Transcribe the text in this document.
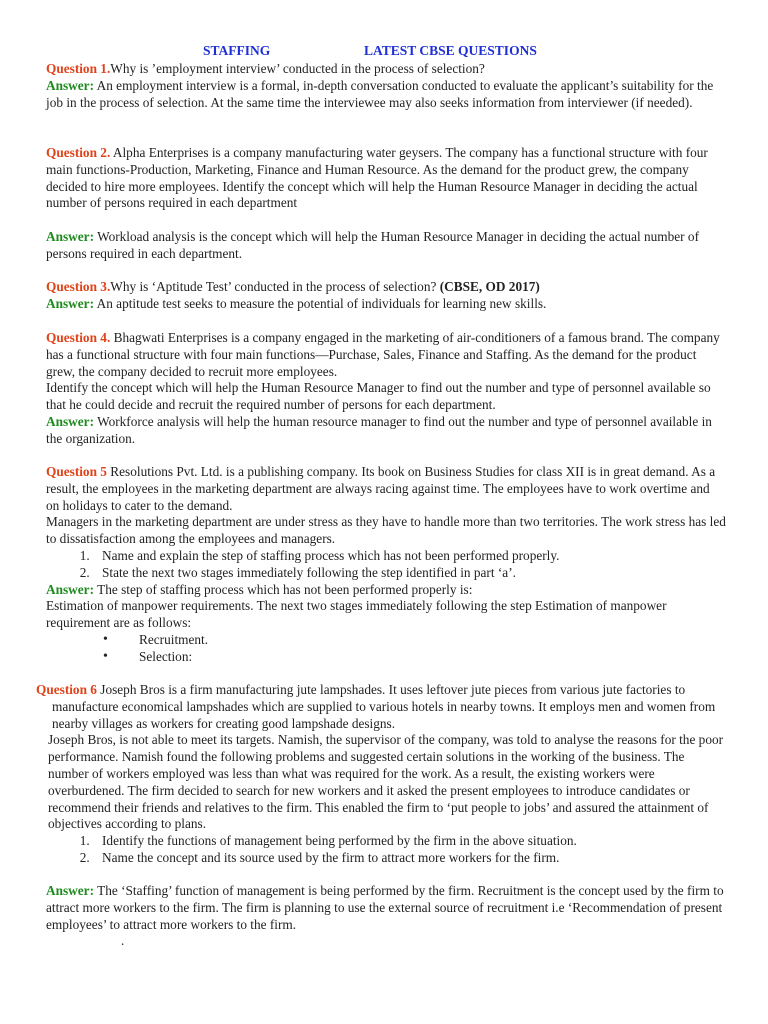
STAFFING	LATEST CBSE QUESTIONS

Question 1.Why is ’employment interview’ conducted in the process of selection?

Answer: An employment interview is a formal, in-depth conversation conducted to evaluate the applicant’s suitability for the job in the process of selection. At the same time the interviewee may also seeks information from interviewer (if needed).

Question 2. Alpha Enterprises is a company manufacturing water geysers. The company has a functional structure with four main functions-Production, Marketing, Finance and Human Resource. As the demand for the product grew, the company decided to hire more employees. Identify the concept which will help the Human Resource Manager in deciding the actual number of persons required in each department

Answer: Workload analysis is the concept which will help the Human Resource Manager in deciding the actual number of persons required in each department.

Question 3.Why is ‘Aptitude Test’ conducted in the process of selection? (CBSE, OD 2017)

Answer: An aptitude test seeks to measure the potential of individuals for learning new skills.

Question 4. Bhagwati Enterprises is a company engaged in the marketing of air-conditioners of a famous brand. The company has a functional structure with four main functions—Purchase, Sales, Finance and Staffing. As the demand for the product grew, the company decided to recruit more employees.

Identify the concept which will help the Human Resource Manager to find out the number and type of personnel available so that he could decide and recruit the required number of persons for each department.

Answer: Workforce analysis will help the human resource manager to find out the number and type of personnel available in the organization.

Question 5 Resolutions Pvt. Ltd. is a publishing company. Its book on Business Studies for class XII is in great demand. As a result, the employees in the marketing department are always racing against time. The employees have to work overtime and on holidays to cater to the demand.

Managers in the marketing department are under stress as they have to handle more than two territories. The work stress has led to dissatisfaction among the employees and managers.

1. Name and explain the step of staffing process which has not been performed properly.
2. State the next two stages immediately following the step identified in part ‘a’.

Answer: The step of staffing process which has not been performed properly is:

Estimation of manpower requirements. The next two stages immediately following the step Estimation of manpower requirement are as follows:

• Recruitment.
• Selection:

Question 6 Joseph Bros is a firm manufacturing jute lampshades. It uses leftover jute pieces from various jute factories to manufacture economical lampshades which are supplied to various hotels in nearby towns. It employs men and women from nearby villages as workers for creating good lampshade designs.

Joseph Bros, is not able to meet its targets. Namish, the supervisor of the company, was told to analyse the reasons for the poor performance. Namish found the following problems and suggested certain solutions in the working of the business. The number of workers employed was less than what was required for the work. As a result, the existing workers were overburdened. The firm decided to search for new workers and it asked the present employees to introduce candidates or recommend their friends and relatives to the firm. This enabled the firm to ‘put people to jobs’ and assured the attainment of objectives according to plans.

1. Identify the functions of management being performed by the firm in the above situation.
2. Name the concept and its source used by the firm to attract more workers for the firm.

Answer: The ‘Staffing’ function of management is being performed by the firm. Recruitment is the concept used by the firm to attract more workers to the firm. The firm is planning to use the external source of recruitment i.e ‘Recommendation of present employees’ to attract more workers to the firm.

.
